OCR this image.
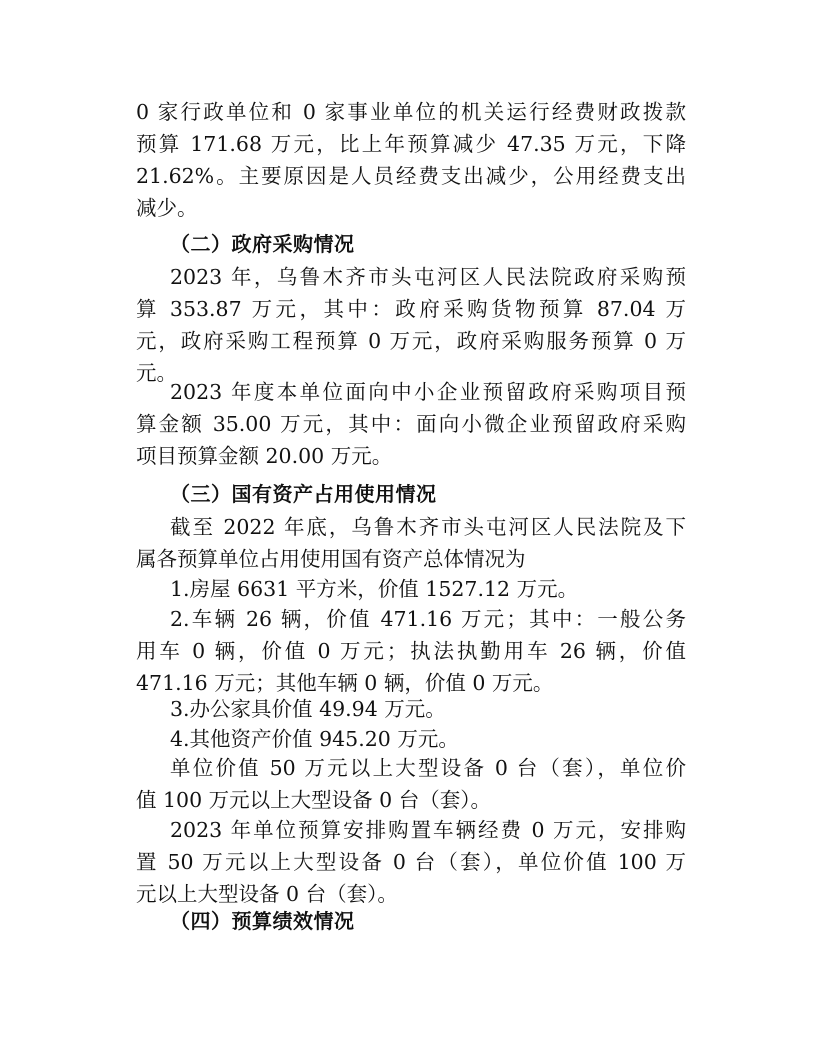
0 家行政单位和 0 家事业单位的机关运行经费财政拨款
预算 171.68 万元，比上年预算减少 47.35 万元，下降
21.62%。主要原因是人员经费支出减少，公用经费支出
减少。
（二）政府采购情况
2023 年，乌鲁木齐市头屯河区人民法院政府采购预
算 353.87 万元，其中：政府采购货物预算 87.04 万
元，政府采购工程预算 0 万元，政府采购服务预算 0 万
元。
2023 年度本单位面向中小企业预留政府采购项目预
算金额 35.00 万元，其中：面向小微企业预留政府采购
项目预算金额 20.00 万元。
（三）国有资产占用使用情况
截至 2022 年底，乌鲁木齐市头屯河区人民法院及下
属各预算单位占用使用国有资产总体情况为
1.房屋 6631 平方米，价值 1527.12 万元。
2.车辆 26 辆，价值 471.16 万元；其中：一般公务
用车 0 辆，价值 0 万元；执法执勤用车 26 辆，价值
471.16 万元；其他车辆 0 辆，价值 0 万元。
3.办公家具价值 49.94 万元。
4.其他资产价值 945.20 万元。
单位价值 50 万元以上大型设备 0 台（套），单位价
值 100 万元以上大型设备 0 台（套）。
2023 年单位预算安排购置车辆经费 0 万元，安排购
置 50 万元以上大型设备 0 台（套），单位价值 100 万
元以上大型设备 0 台（套）。
（四）预算绩效情况
